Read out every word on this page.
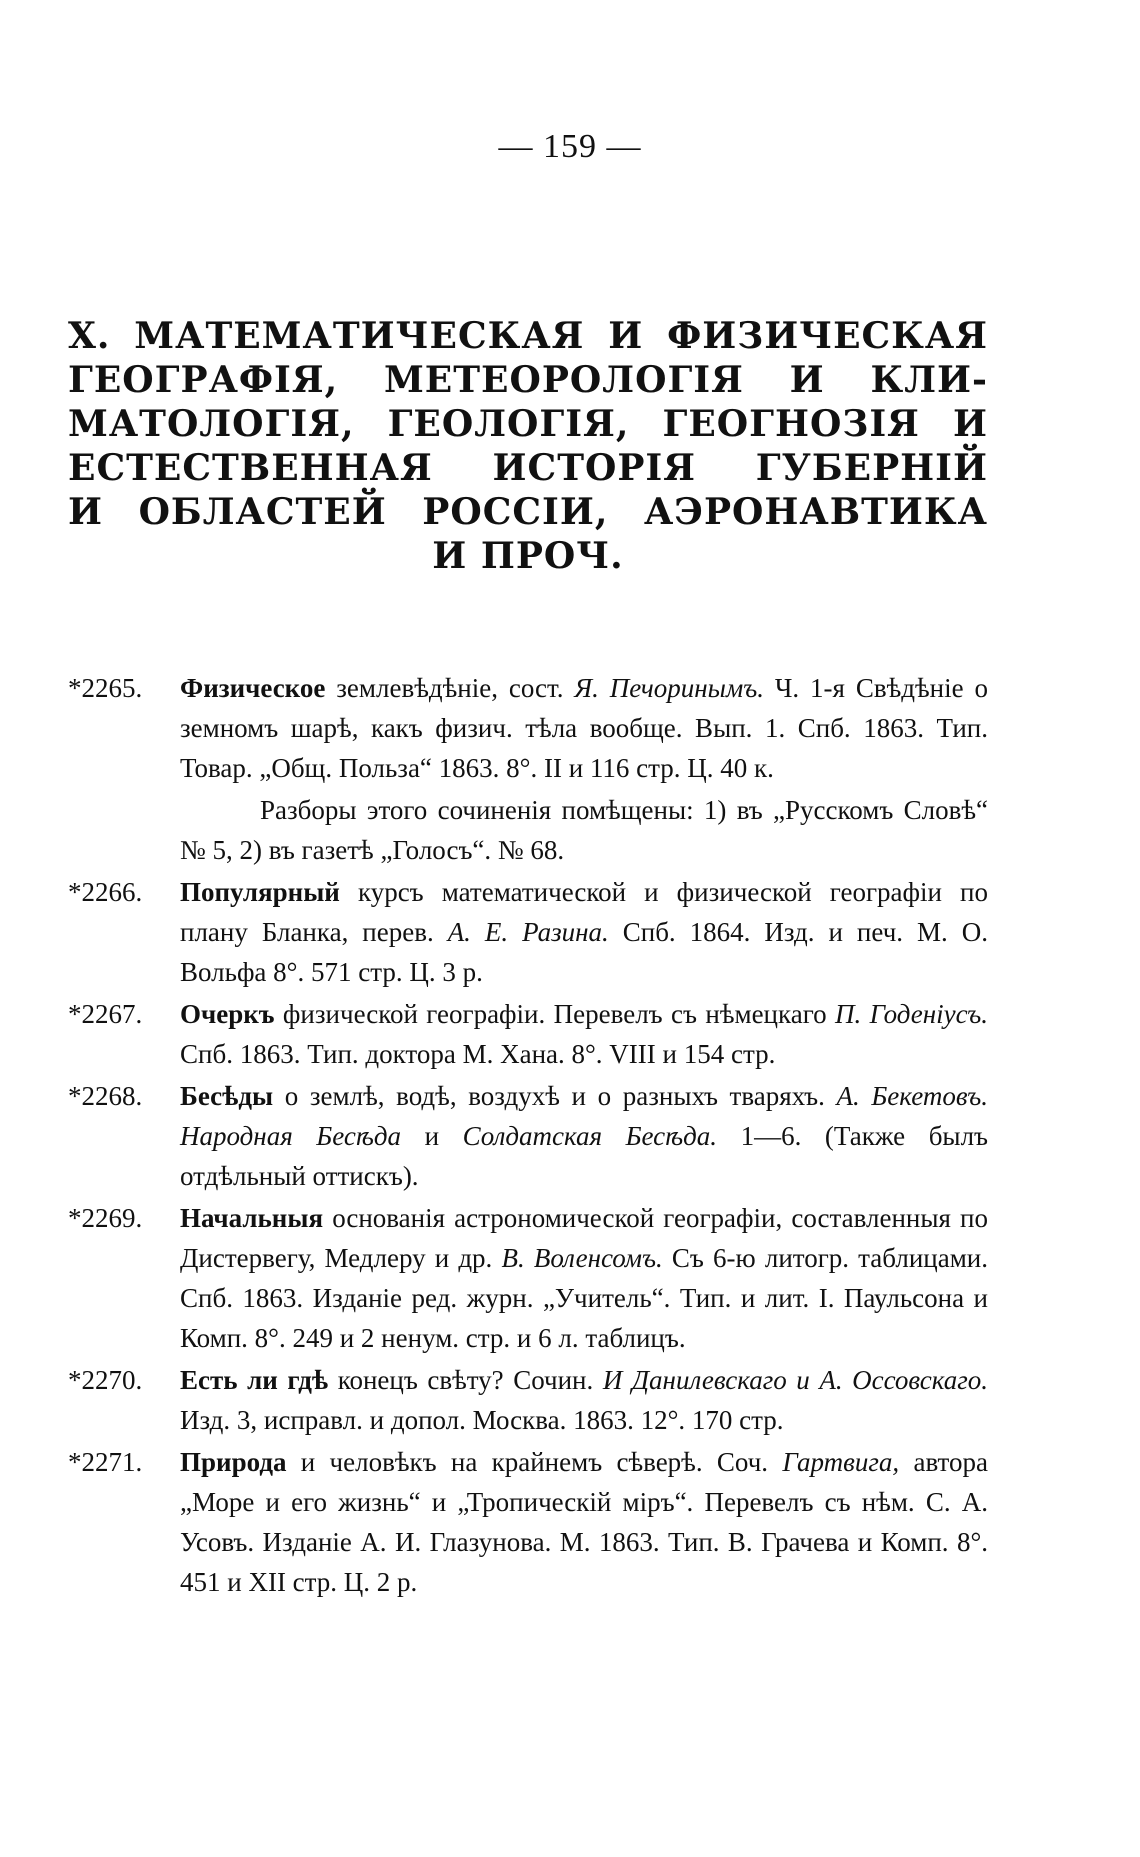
— 159 —
X. МАТЕМАТИЧЕСКАЯ И ФИЗИЧЕСКАЯ
ГЕОГРАФІЯ, МЕТЕОРОЛОГІЯ И КЛИ-
МАТОЛОГІЯ, ГЕОЛОГІЯ, ГЕОГНОЗІЯ И
ЕСТЕСТВЕННАЯ ИСТОРІЯ ГУБЕРНІЙ
И ОБЛАСТЕЙ РОССІИ, АЭРОНАВТИКА
И ПРОЧ.
*2265.	Физическое землевѣдѣніе, сост. Я. Печоринымъ. Ч. 1-я Свѣдѣніе о земномъ шарѣ, какъ физич. тѣла вообще. Вып. 1. Спб. 1863. Тип. Товар. „Общ. Польза“ 1863. 8°. II и 116 стр. Ц. 40 к.
Разборы этого сочиненія помѣщены: 1) въ „Русскомъ Словѣ“ № 5, 2) въ газетѣ „Голосъ“. № 68.
*2266.	Популярный курсъ математической и физической географіи по плану Бланка, перев. А. Е. Разина. Спб. 1864. Изд. и печ. М. О. Вольфа 8°. 571 стр. Ц. 3 р.
*2267.	Очеркъ физической географіи. Перевелъ съ нѣмецкаго П. Годеніусъ. Спб. 1863. Тип. доктора М. Хана. 8°. VIII и 154 стр.
*2268.	Бесѣды о землѣ, водѣ, воздухѣ и о разныхъ тваряхъ. А. Бекетовъ. Народная Бесѣда и Солдатская Бесѣда. 1—6. (Также былъ отдѣльный оттискъ).
*2269.	Начальныя основанія астрономической географіи, составленныя по Дистервегу, Медлеру и др. В. Воленсомъ. Съ 6-ю литогр. таблицами. Спб. 1863. Изданіе ред. журн. „Учитель“. Тип. и лит. І. Паульсона и Комп. 8°. 249 и 2 ненум. стр. и 6 л. таблицъ.
*2270.	Есть ли гдѣ конецъ свѣту? Сочин. И Данилевскаго и А. Оссовскаго. Изд. 3, исправл. и допол. Москва. 1863. 12°. 170 стр.
*2271.	Природа и человѣкъ на крайнемъ сѣверѣ. Соч. Гартвига, автора „Море и его жизнь“ и „Тропическій міръ“. Перевелъ съ нѣм. С. А. Усовъ. Изданіе А. И. Глазунова. М. 1863. Тип. В. Грачева и Комп. 8°. 451 и XII стр. Ц. 2 р.
